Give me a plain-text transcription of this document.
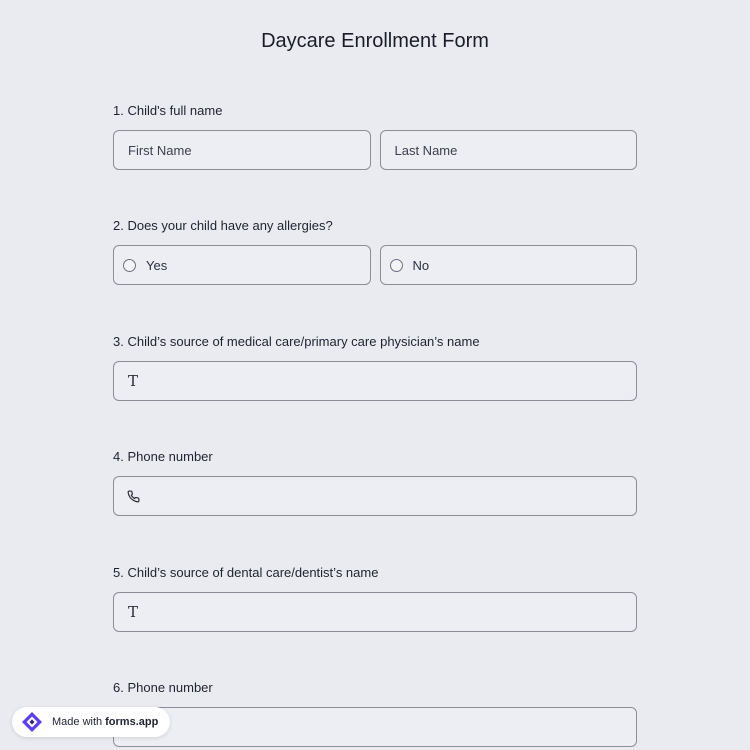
Daycare Enrollment Form

1. Child's full name

First Name
Last Name

2. Does your child have any allergies?

Yes	No

3. Child’s source of medical care/primary care physician’s name

T

4. Phone number

5. Child’s source of dental care/dentist’s name

T

6. Phone number

Made with forms.app
